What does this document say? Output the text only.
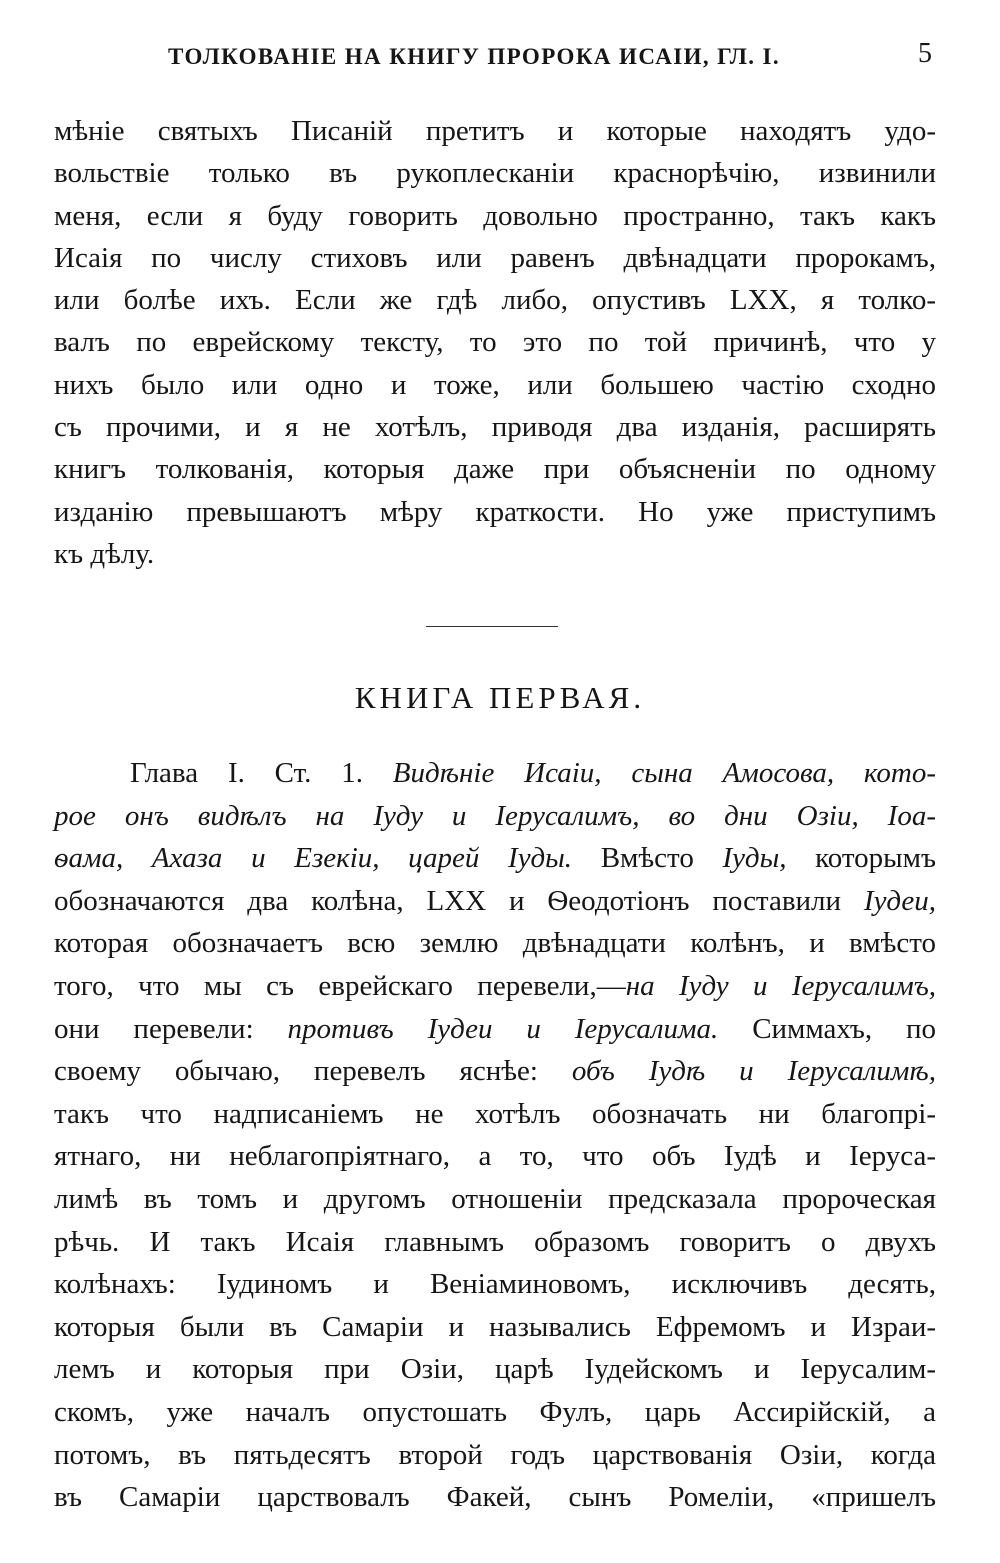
ТОЛКОВАНІЕ НА КНИГУ ПРОРОКА ИСАІИ, ГЛ. І.	5
мѣніе святыхъ Писаній претитъ и которые находятъ удо-
вольствіе только въ рукоплесканіи краснорѣчію, извинили
меня, если я буду говорить довольно пространно, такъ какъ
Исаія по числу стиховъ или равенъ двѣнадцати пророкамъ,
или болѣе ихъ. Если же гдѣ либо, опустивъ LXX, я толко-
валъ по еврейскому тексту, то это по той причинѣ, что у
нихъ было или одно и тоже, или большею частію сходно
съ прочими, и я не хотѣлъ, приводя два изданія, расширять
книгъ толкованія, которыя даже при объясненіи по одному
изданію превышаютъ мѣру краткости. Но уже приступимъ
къ дѣлу.
КНИГА ПЕРВАЯ.
Глава І. Ст. 1. Видѣніе Исаіи, сына Амосова, кото-
рое онъ видѣлъ на Іуду и Іерусалимъ, во дни Озіи, Іоа-
ѳама, Ахаза и Езекіи, царей Іуды. Вмѣсто Іуды, которымъ
обозначаются два колѣна, LXX и Ѳеодотіонъ поставили Іудеи,
которая обозначаетъ всю землю двѣнадцати колѣнъ, и вмѣсто
того, что мы съ еврейскаго перевели,—на Іуду и Іерусалимъ,
они перевели: противъ Іудеи и Іерусалима. Симмахъ, по
своему обычаю, перевелъ яснѣе: объ Іудѣ и Іерусалимѣ,
такъ что надписаніемъ не хотѣлъ обозначать ни благопрі-
ятнаго, ни неблагопріятнаго, а то, что объ Іудѣ и Іеруса-
лимѣ въ томъ и другомъ отношеніи предсказала пророческая
рѣчь. И такъ Исаія главнымъ образомъ говоритъ о двухъ
колѣнахъ: Іудиномъ и Веніаминовомъ, исключивъ десять,
которыя были въ Самаріи и назывались Ефремомъ и Израи-
лемъ и которыя при Озіи, царѣ Іудейскомъ и Іерусалим-
скомъ, уже началъ опустошать Фулъ, царь Ассирійскій, а
потомъ, въ пятьдесятъ второй годъ царствованія Озіи, когда
въ Самаріи царствовалъ Факей, сынъ Ромеліи, «пришелъ
